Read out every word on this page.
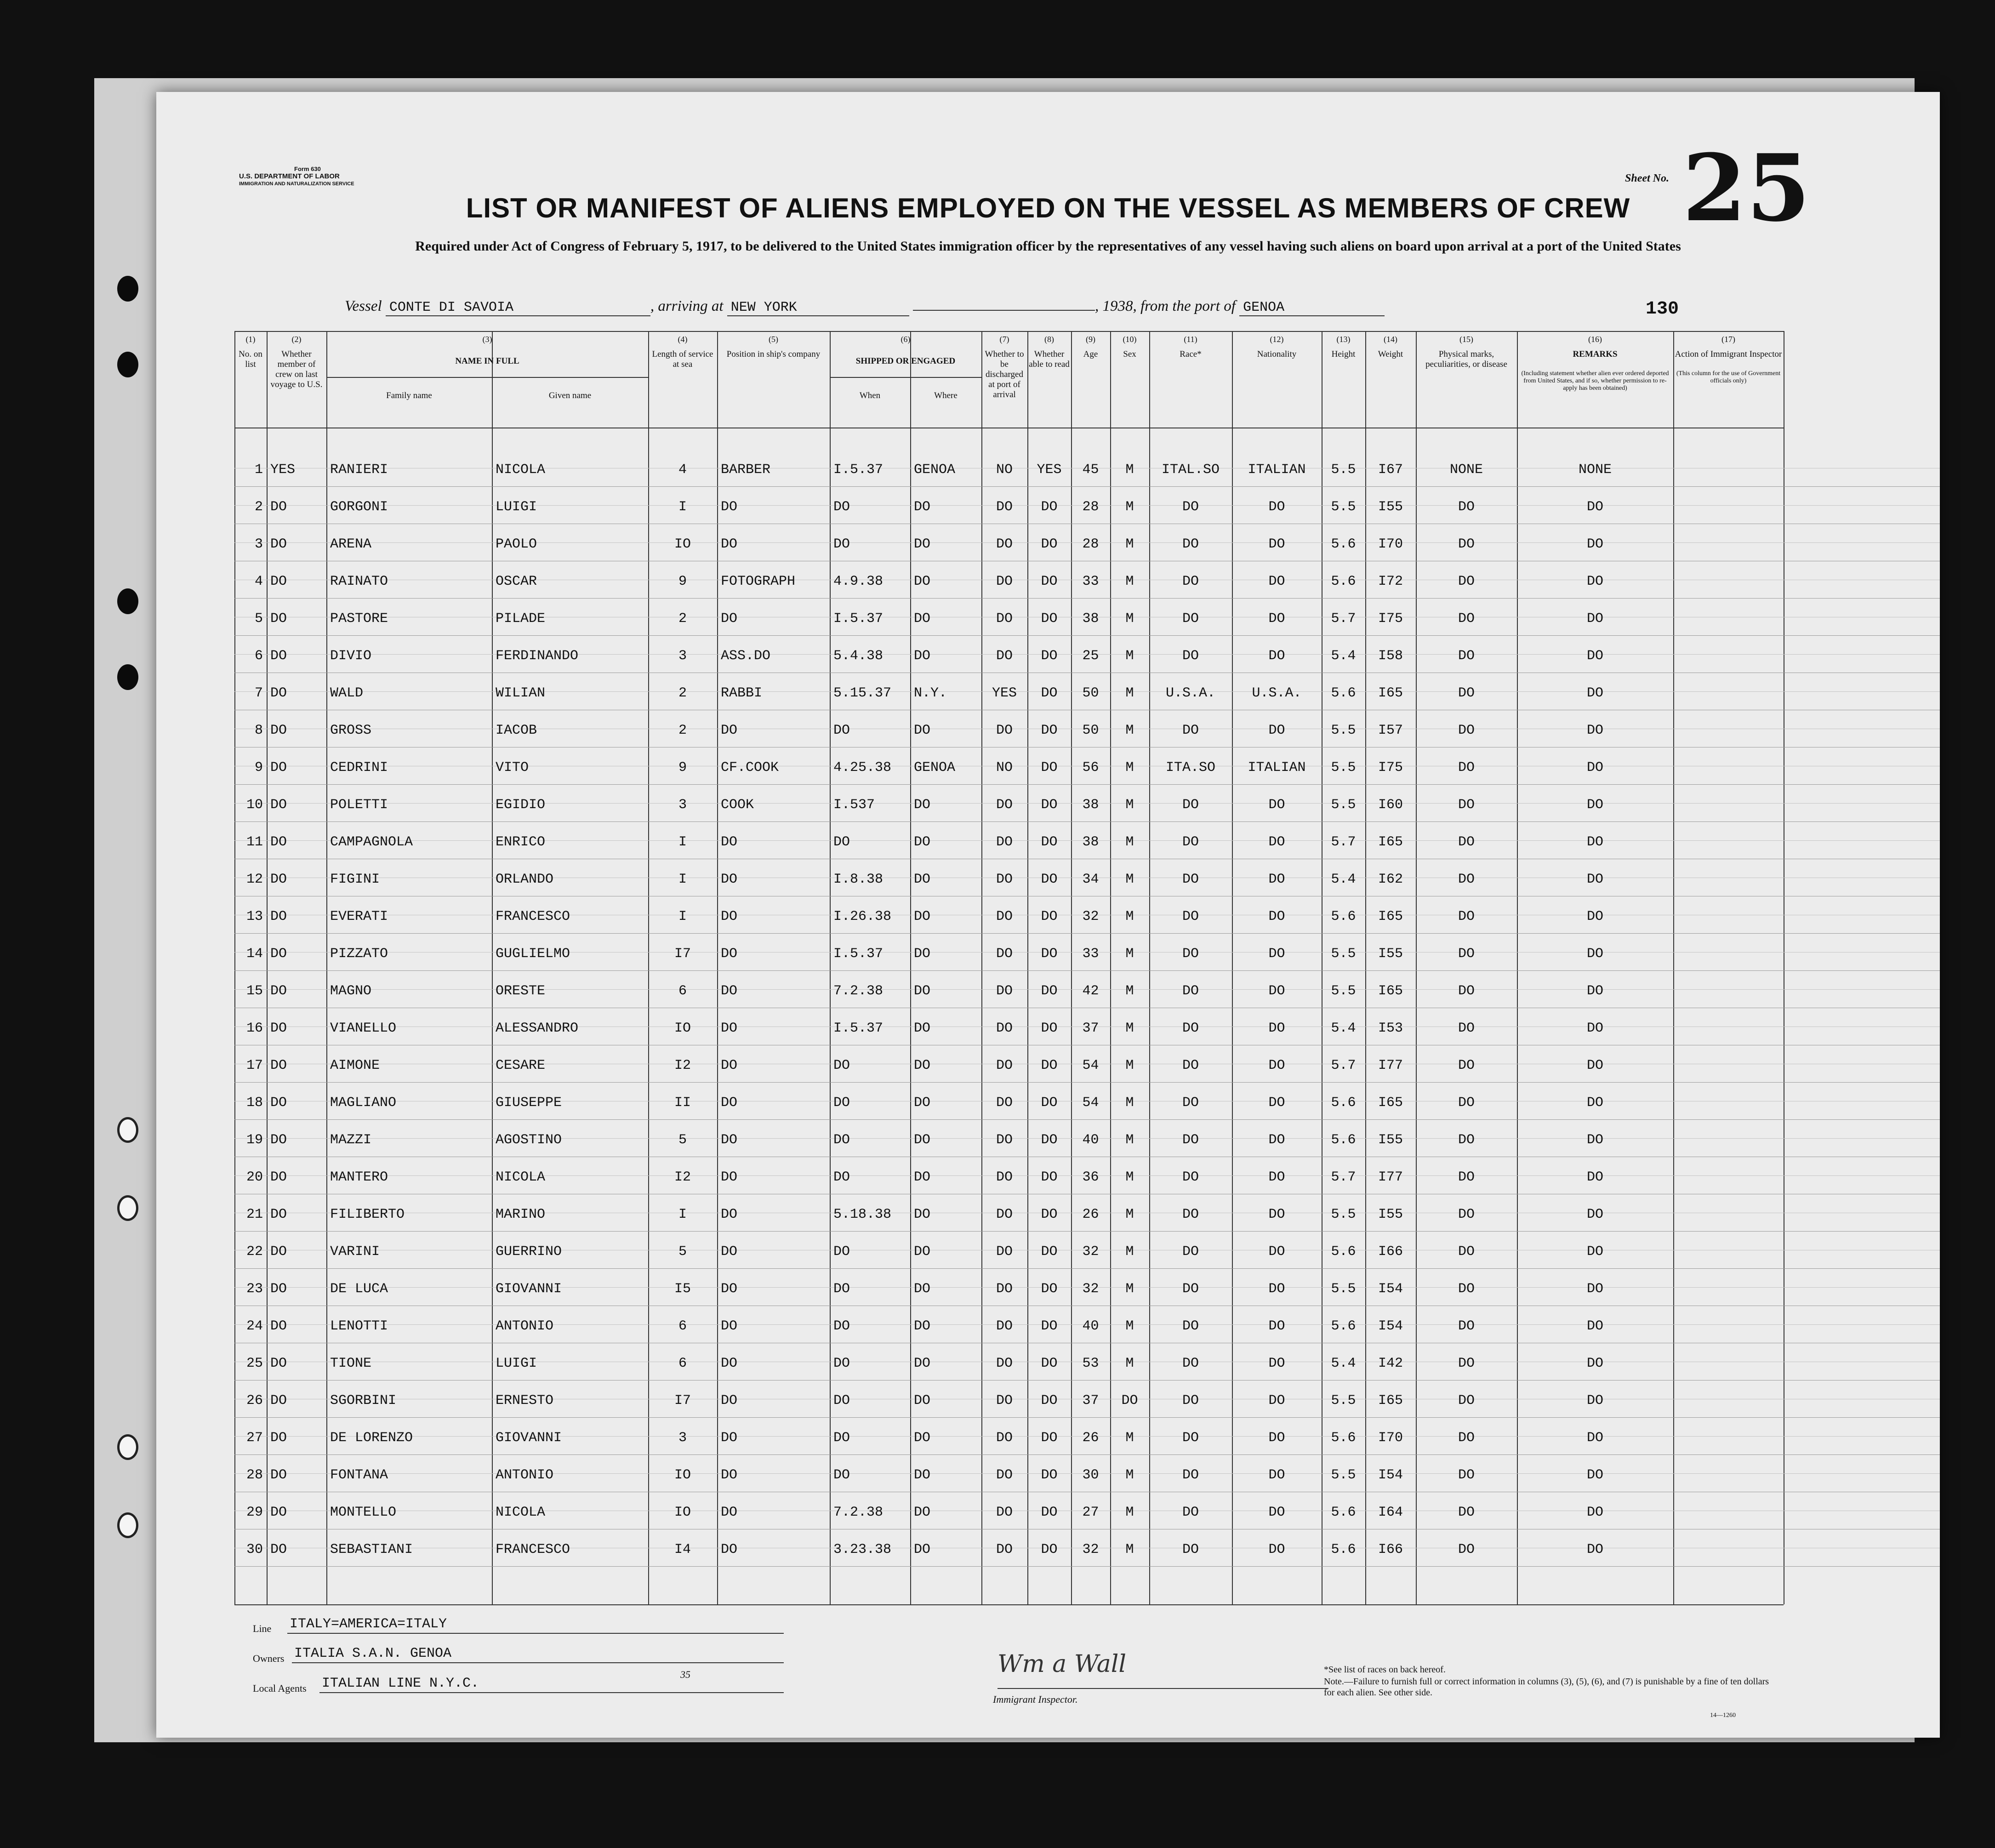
Form 630
U.S. DEPARTMENT OF LABOR
IMMIGRATION AND NATURALIZATION SERVICE	Sheet No. 25
LIST OR MANIFEST OF ALIENS EMPLOYED ON THE VESSEL AS MEMBERS OF CREW
Required under Act of Congress of February 5, 1917, to be delivered to the United States immigration officer by the representatives of any vessel having such aliens on board upon arrival at a port of the United States
Vessel CONTE DI SAVOIA	, arriving at NEW YORK	, 1938, from the port of GENOA	130
(1)
No. on list
(2)
Whether member of crew on last voyage to U.S.
(3)
NAME IN FULL
Family name	Given name
(4)
Length of service at sea
(5)
Position in ship's company
(6)
SHIPPED OR ENGAGED
When	Where
(7)
Whether to be discharged at port of arrival
(8)
Whether able to read
(9)
Age
(10)
Sex
(11)
Race*
(12)
Nationality
(13)
Height
(14)
Weight
(15)
Physical marks, peculiarities, or disease
(16)
REMARKS
(Including statement whether alien ever ordered deported from United States, and if so, whether permission to re-apply has been obtained)
(17)
Action of Immigrant Inspector
(This column for the use of Government officials only)
1 YES	RANIERI	NICOLA	4	BARBER	I.5.37	GENOA	NO	YES	45	M	ITAL.SO	ITALIAN	5.5	I67	NONE	NONE
2 DO	GORGONI	LUIGI	I	DO	DO	DO	DO	DO	28	M	DO	DO	5.5	I55	DO	DO
3 DO	ARENA	PAOLO	IO	DO	DO	DO	DO	DO	28	M	DO	DO	5.6	I70	DO	DO
4 DO	RAINATO	OSCAR	9	FOTOGRAPH	4.9.38	DO	DO	DO	33	M	DO	DO	5.6	I72	DO	DO
5 DO	PASTORE	PILADE	2	DO	I.5.37	DO	DO	DO	38	M	DO	DO	5.7	I75	DO	DO
6 DO	DIVIO	FERDINANDO	3	ASS.DO	5.4.38	DO	DO	DO	25	M	DO	DO	5.4	I58	DO	DO
7 DO	WALD	WILIAN	2	RABBI	5.15.37	N.Y.	YES	DO	50	M	U.S.A.	U.S.A.	5.6	I65	DO	DO
8 DO	GROSS	IACOB	2	DO	DO	DO	DO	DO	50	M	DO	DO	5.5	I57	DO	DO
9 DO	CEDRINI	VITO	9	CF.COOK	4.25.38	GENOA	NO	DO	56	M	ITA.SO	ITALIAN	5.5	I75	DO	DO
10 DO	POLETTI	EGIDIO	3	COOK	I.537	DO	DO	DO	38	M	DO	DO	5.5	I60	DO	DO
11 DO	CAMPAGNOLA	ENRICO	I	DO	DO	DO	DO	DO	38	M	DO	DO	5.7	I65	DO	DO
12 DO	FIGINI	ORLANDO	I	DO	I.8.38	DO	DO	DO	34	M	DO	DO	5.4	I62	DO	DO
13 DO	EVERATI	FRANCESCO	I	DO	I.26.38	DO	DO	DO	32	M	DO	DO	5.6	I65	DO	DO
14 DO	PIZZATO	GUGLIELMO	I7	DO	I.5.37	DO	DO	DO	33	M	DO	DO	5.5	I55	DO	DO
15 DO	MAGNO	ORESTE	6	DO	7.2.38	DO	DO	DO	42	M	DO	DO	5.5	I65	DO	DO
16 DO	VIANELLO	ALESSANDRO	IO	DO	I.5.37	DO	DO	DO	37	M	DO	DO	5.4	I53	DO	DO
17 DO	AIMONE	CESARE	I2	DO	DO	DO	DO	DO	54	M	DO	DO	5.7	I77	DO	DO
18 DO	MAGLIANO	GIUSEPPE	II	DO	DO	DO	DO	DO	54	M	DO	DO	5.6	I65	DO	DO
19 DO	MAZZI	AGOSTINO	5	DO	DO	DO	DO	DO	40	M	DO	DO	5.6	I55	DO	DO
20 DO	MANTERO	NICOLA	I2	DO	DO	DO	DO	DO	36	M	DO	DO	5.7	I77	DO	DO
21 DO	FILIBERTO	MARINO	I	DO	5.18.38	DO	DO	DO	26	M	DO	DO	5.5	I55	DO	DO
22 DO	VARINI	GUERRINO	5	DO	DO	DO	DO	DO	32	M	DO	DO	5.6	I66	DO	DO
23 DO	DE LUCA	GIOVANNI	I5	DO	DO	DO	DO	DO	32	M	DO	DO	5.5	I54	DO	DO
24 DO	LENOTTI	ANTONIO	6	DO	DO	DO	DO	DO	40	M	DO	DO	5.6	I54	DO	DO
25 DO	TIONE	LUIGI	6	DO	DO	DO	DO	DO	53	M	DO	DO	5.4	I42	DO	DO
26 DO	SGORBINI	ERNESTO	I7	DO	DO	DO	DO	DO	37	DO	DO	DO	5.5	I65	DO	DO
27 DO	DE LORENZO	GIOVANNI	3	DO	DO	DO	DO	DO	26	M	DO	DO	5.6	I70	DO	DO
28 DO	FONTANA	ANTONIO	IO	DO	DO	DO	DO	DO	30	M	DO	DO	5.5	I54	DO	DO
29 DO	MONTELLO	NICOLA	IO	DO	7.2.38	DO	DO	DO	27	M	DO	DO	5.6	I64	DO	DO
30 DO	SEBASTIANI	FRANCESCO	I4	DO	3.23.38	DO	DO	DO	32	M	DO	DO	5.6	I66	DO	DO
Line ITALY=AMERICA=ITALY
Owners ITALIA S.A.N. GENOA
Local Agents ITALIAN LINE N.Y.C.
35	Wm a Wall
Immigrant Inspector.
*See list of races on back hereof.
Note.—Failure to furnish full or correct information in columns (3), (5), (6), and (7) is punishable by a fine of ten dollars for each alien. See other side.
14—1260
